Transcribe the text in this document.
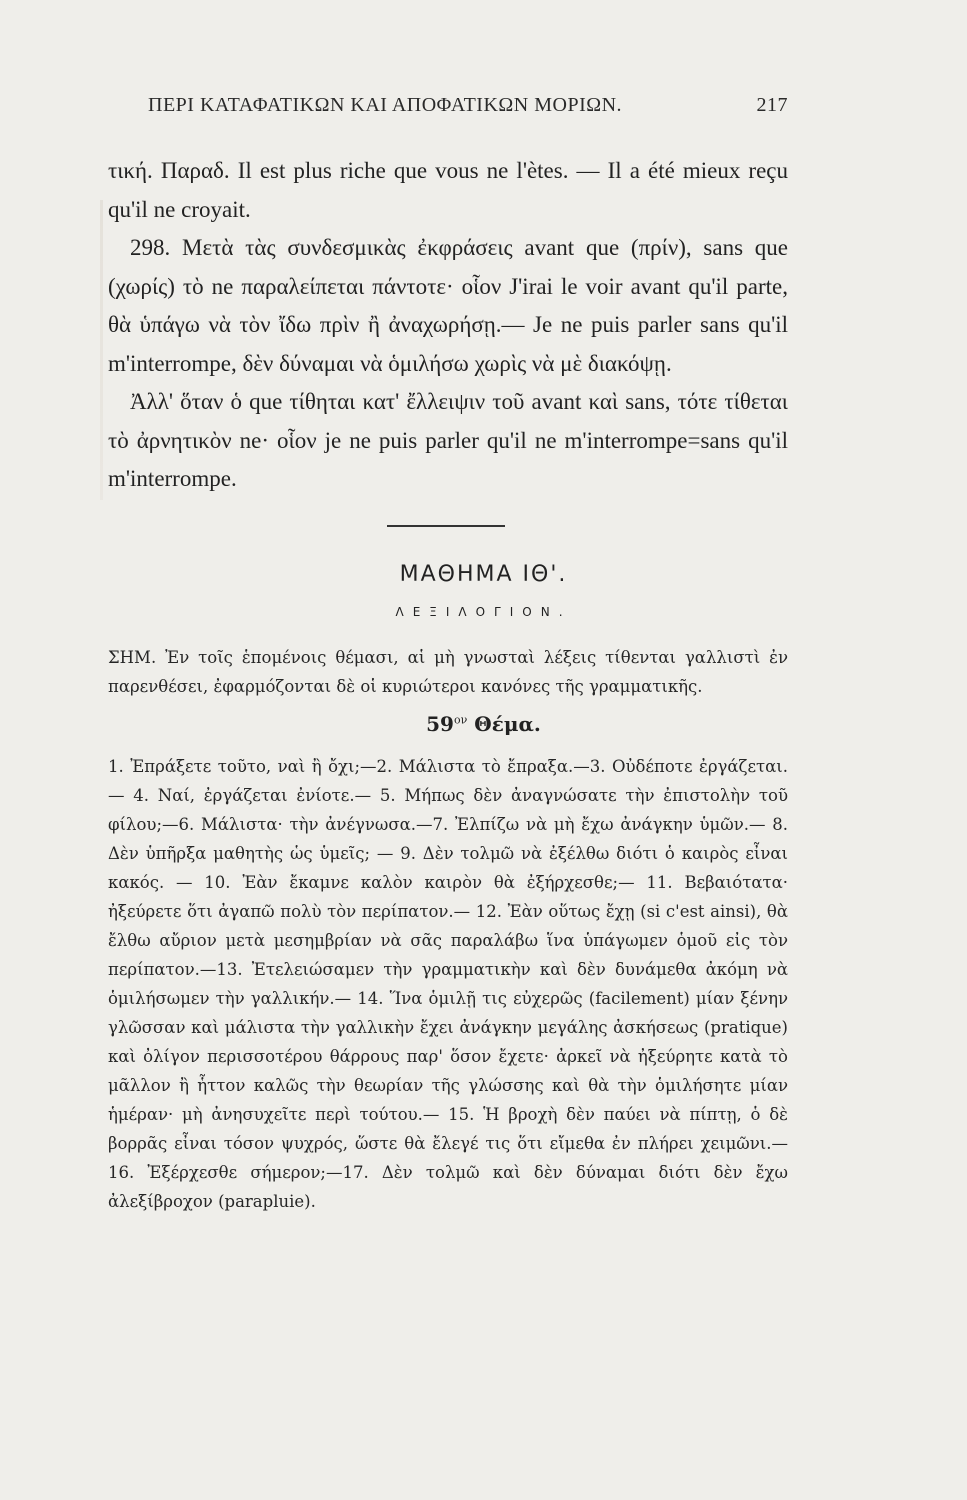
ΠΕΡΙ ΚΑΤΑΦΑΤΙΚΩΝ ΚΑΙ ΑΠΟΦΑΤΙΚΩΝ ΜΟΡΙΩΝ.	217

τική. Παραδ. Il est plus riche que vous ne l'ètes. — Il a été mieux reçu qu'il ne croyait.

298. Μετὰ τὰς συνδεσμικὰς ἐκφράσεις avant que (πρίν), sans que (χωρίς) τὸ ne παραλείπεται πάντοτε· οἷον J'irai le voir avant qu'il parte, θὰ ὑπάγω νὰ τὸν ἴδω πρὶν ἢ ἀναχωρήσῃ.— Je ne puis parler sans qu'il m'interrompe, δὲν δύναμαι νὰ ὁμιλήσω χωρὶς νὰ μὲ διακόψῃ.

Ἀλλ' ὅταν ὁ que τίθηται κατ' ἔλλειψιν τοῦ avant καὶ sans, τότε τίθεται τὸ ἀρνητικὸν ne· οἷον je ne puis parler qu'il ne m'interrompe=sans qu'il m'interrompe.

ΜΑΘΗΜΑ ΙΘ'.
ΛΕΞΙΛΟΓΙΟΝ.

ΣΗΜ. Ἐν τοῖς ἑπομένοις θέμασι, αἱ μὴ γνωσταὶ λέξεις τίθενται γαλλιστὶ ἐν παρενθέσει, ἐφαρμόζονται δὲ οἱ κυριώτεροι κανόνες τῆς γραμματικῆς.

$59^{o\nu}$ Θέμα.

1. Ἐπράξετε τοῦτο, ναὶ ἢ ὄχι;—2. Μάλιστα τὸ ἔπραξα.—3. Οὐδέποτε ἐργάζεται.— 4. Ναί, ἐργάζεται ἐνίοτε.— 5. Μήπως δὲν ἀναγνώσατε τὴν ἐπιστολὴν τοῦ φίλου;—6. Μάλιστα· τὴν ἀνέγνωσα.—7. Ἐλπίζω νὰ μὴ ἔχω ἀνάγκην ὑμῶν.— 8. Δὲν ὑπῆρξα μαθητὴς ὡς ὑμεῖς; — 9. Δὲν τολμῶ νὰ ἐξέλθω διότι ὁ καιρὸς εἶναι κακός. — 10. Ἐὰν ἔκαμνε καλὸν καιρὸν θὰ ἐξήρχεσθε;— 11. Βεβαιότατα· ἠξεύρετε ὅτι ἀγαπῶ πολὺ τὸν περίπατον.— 12. Ἐὰν οὕτως ἔχῃ (si c'est ainsi), θὰ ἔλθω αὔριον μετὰ μεσημβρίαν νὰ σᾶς παραλάβω ἵνα ὑπάγωμεν ὁμοῦ εἰς τὸν περίπατον.—13. Ἐτελειώσαμεν τὴν γραμματικὴν καὶ δὲν δυνάμεθα ἀκόμη νὰ ὁμιλήσωμεν τὴν γαλλικήν.— 14. Ἵνα ὁμιλῇ τις εὐχερῶς (facilement) μίαν ξένην γλῶσσαν καὶ μάλιστα τὴν γαλλικὴν ἔχει ἀνάγκην μεγάλης ἀσκήσεως (pratique) καὶ ὀλίγον περισσοτέρου θάρρους παρ' ὅσον ἔχετε· ἀρκεῖ νὰ ἠξεύρητε κατὰ τὸ μᾶλλον ἢ ἧττον καλῶς τὴν θεωρίαν τῆς γλώσσης καὶ θὰ τὴν ὁμιλήσητε μίαν ἡμέραν· μὴ ἀνησυχεῖτε περὶ τούτου.— 15. Ἡ βροχὴ δὲν παύει νὰ πίπτῃ, ὁ δὲ βορρᾶς εἶναι τόσον ψυχρός, ὥστε θὰ ἔλεγέ τις ὅτι εἴμεθα ἐν πλήρει χειμῶνι.—16. Ἐξέρχεσθε σήμερον;—17. Δὲν τολμῶ καὶ δὲν δύναμαι διότι δὲν ἔχω ἀλεξίβροχον (parapluie).
